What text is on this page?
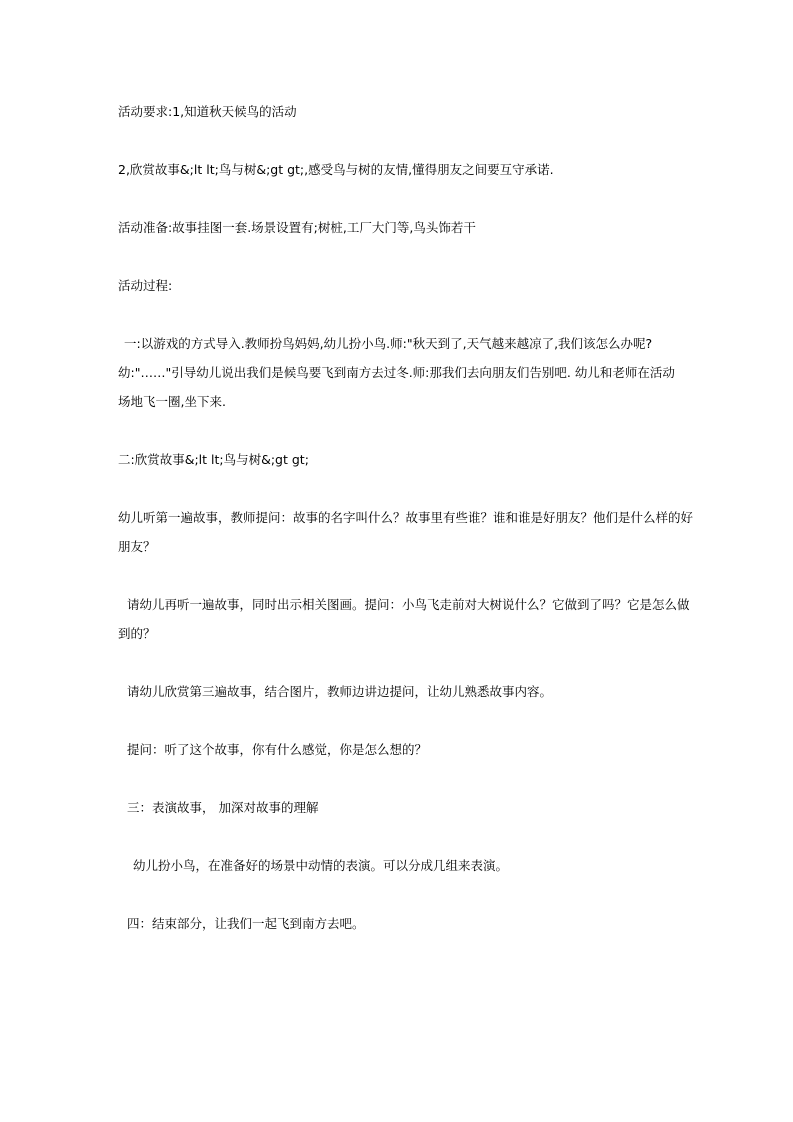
活动要求:1,知道秋天候鸟的活动
2,欣赏故事&;lt lt;鸟与树&;gt gt;,感受鸟与树的友情,懂得朋友之间要互守承诺.
活动准备:故事挂图一套.场景设置有;树桩,工厂大门等,鸟头饰若干
活动过程:
一:以游戏的方式导入.教师扮鸟妈妈,幼儿扮小鸟.师:"秋天到了,天气越来越凉了,我们该怎么办呢?
幼:"……"引导幼儿说出我们是候鸟要飞到南方去过冬.师:那我们去向朋友们告别吧. 幼儿和老师在活动
场地飞一圈,坐下来.
二:欣赏故事&;lt lt;鸟与树&;gt gt;
幼儿听第一遍故事，教师提问：故事的名字叫什么？故事里有些谁？谁和谁是好朋友？他们是什么样的好
朋友？
请幼儿再听一遍故事，同时出示相关图画。提问：小鸟飞走前对大树说什么？它做到了吗？它是怎么做
到的？
请幼儿欣赏第三遍故事，结合图片，教师边讲边提问，让幼儿熟悉故事内容。
提问：听了这个故事，你有什么感觉，你是怎么想的？
三：表演故事， 加深对故事的理解
幼儿扮小鸟，在准备好的场景中动情的表演。可以分成几组来表演。
四：结束部分，让我们一起飞到南方去吧。
